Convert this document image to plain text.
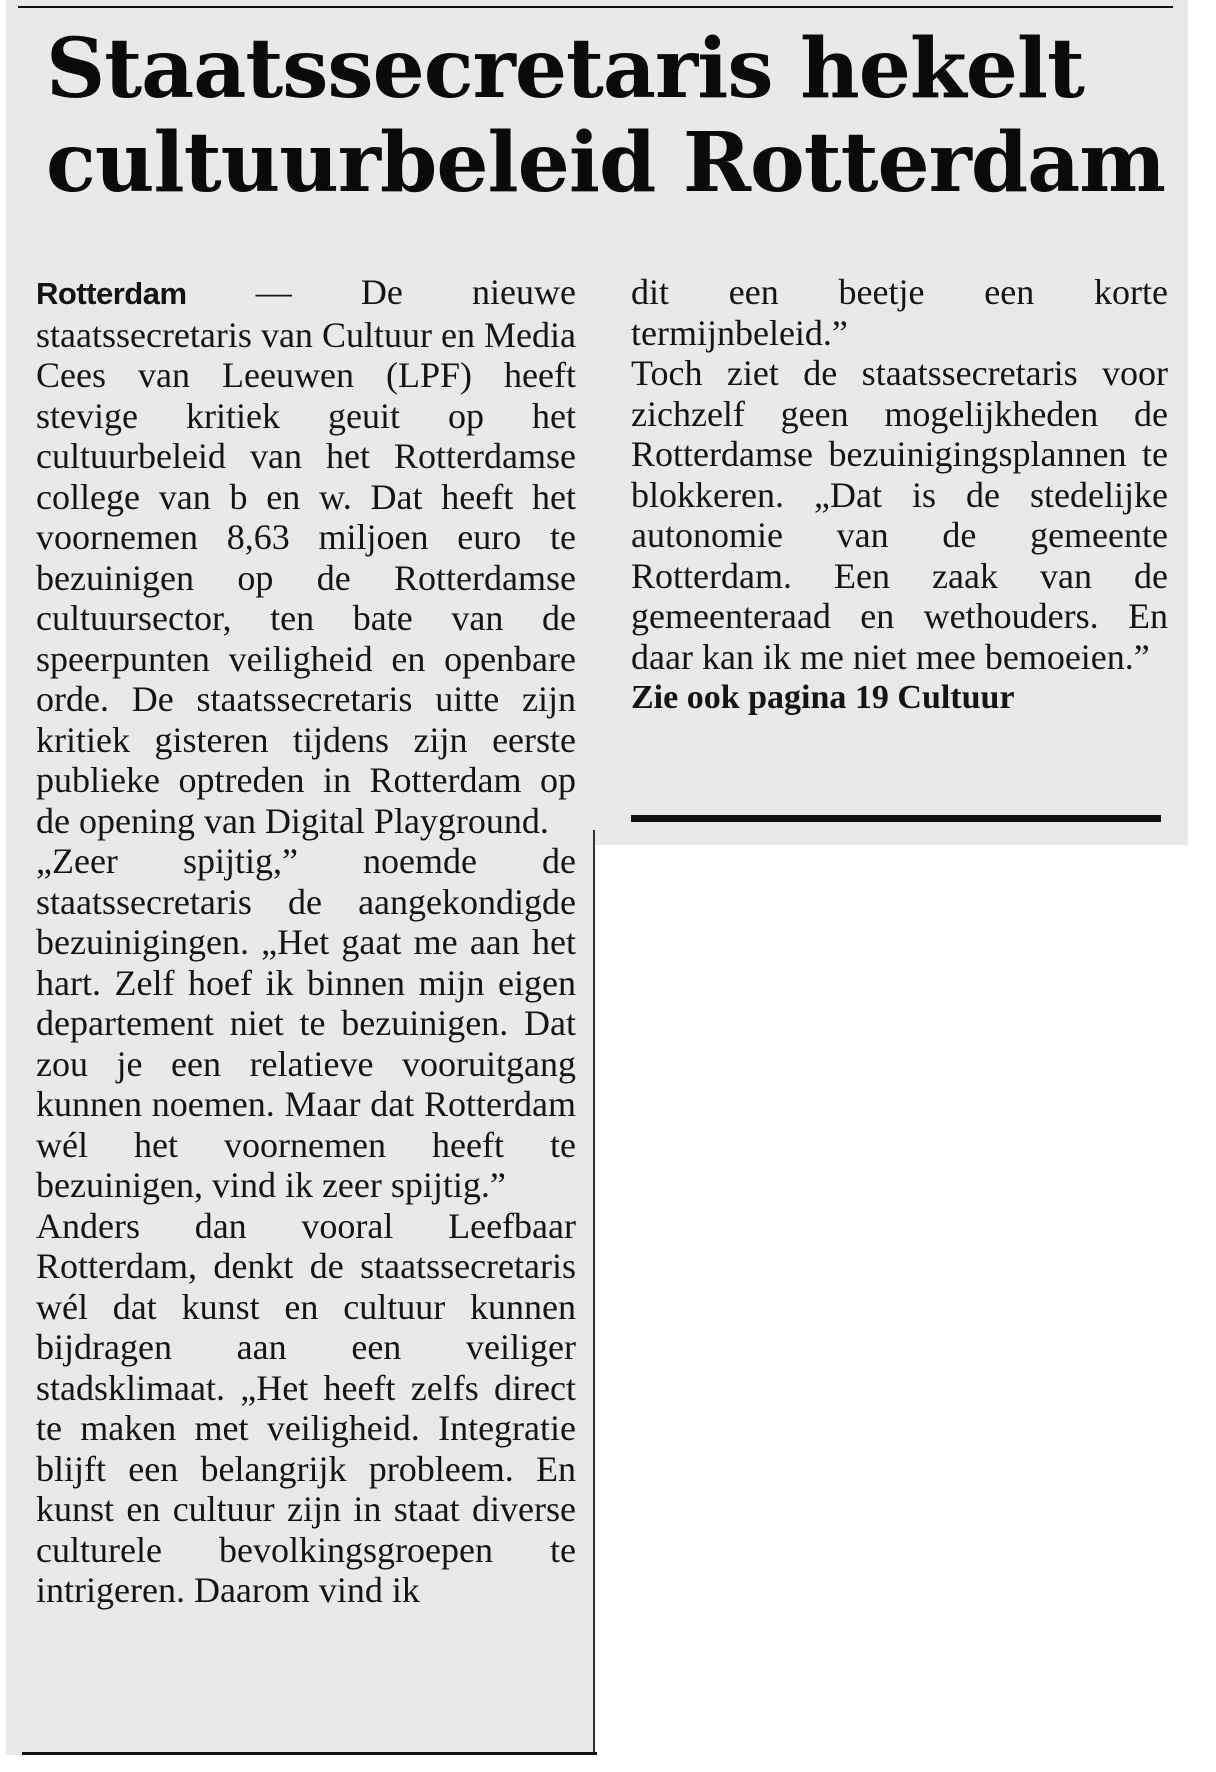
Staatssecretaris hekelt cultuurbeleid Rotterdam

Rotterdam — De nieuwe staatssecretaris van Cultuur en Media Cees van Leeuwen (LPF) heeft stevige kritiek geuit op het cultuurbeleid van het Rotterdamse college van b en w. Dat heeft het voornemen 8,63 miljoen euro te bezuinigen op de Rotterdamse cultuursector, ten bate van de speerpunten veiligheid en openbare orde. De staatssecretaris uitte zijn kritiek gisteren tijdens zijn eerste publieke optreden in Rotterdam op de opening van Digital Playground.

„Zeer spijtig,” noemde de staatssecretaris de aangekondigde bezuinigingen. „Het gaat me aan het hart. Zelf hoef ik binnen mijn eigen departement niet te bezuinigen. Dat zou je een relatieve vooruitgang kunnen noemen. Maar dat Rotterdam wél het voornemen heeft te bezuinigen, vind ik zeer spijtig.”

Anders dan vooral Leefbaar Rotterdam, denkt de staatssecretaris wél dat kunst en cultuur kunnen bijdragen aan een veiliger stadsklimaat. „Het heeft zelfs direct te maken met veiligheid. Integratie blijft een belangrijk probleem. En kunst en cultuur zijn in staat diverse culturele bevolkingsgroepen te intrigeren. Daarom vind ik

dit een beetje een korte termijnbeleid.”

Toch ziet de staatssecretaris voor zichzelf geen mogelijkheden de Rotterdamse bezuinigingsplannen te blokkeren. „Dat is de stedelijke autonomie van de gemeente Rotterdam. Een zaak van de gemeenteraad en wethouders. En daar kan ik me niet mee bemoeien.”

Zie ook pagina 19 Cultuur
